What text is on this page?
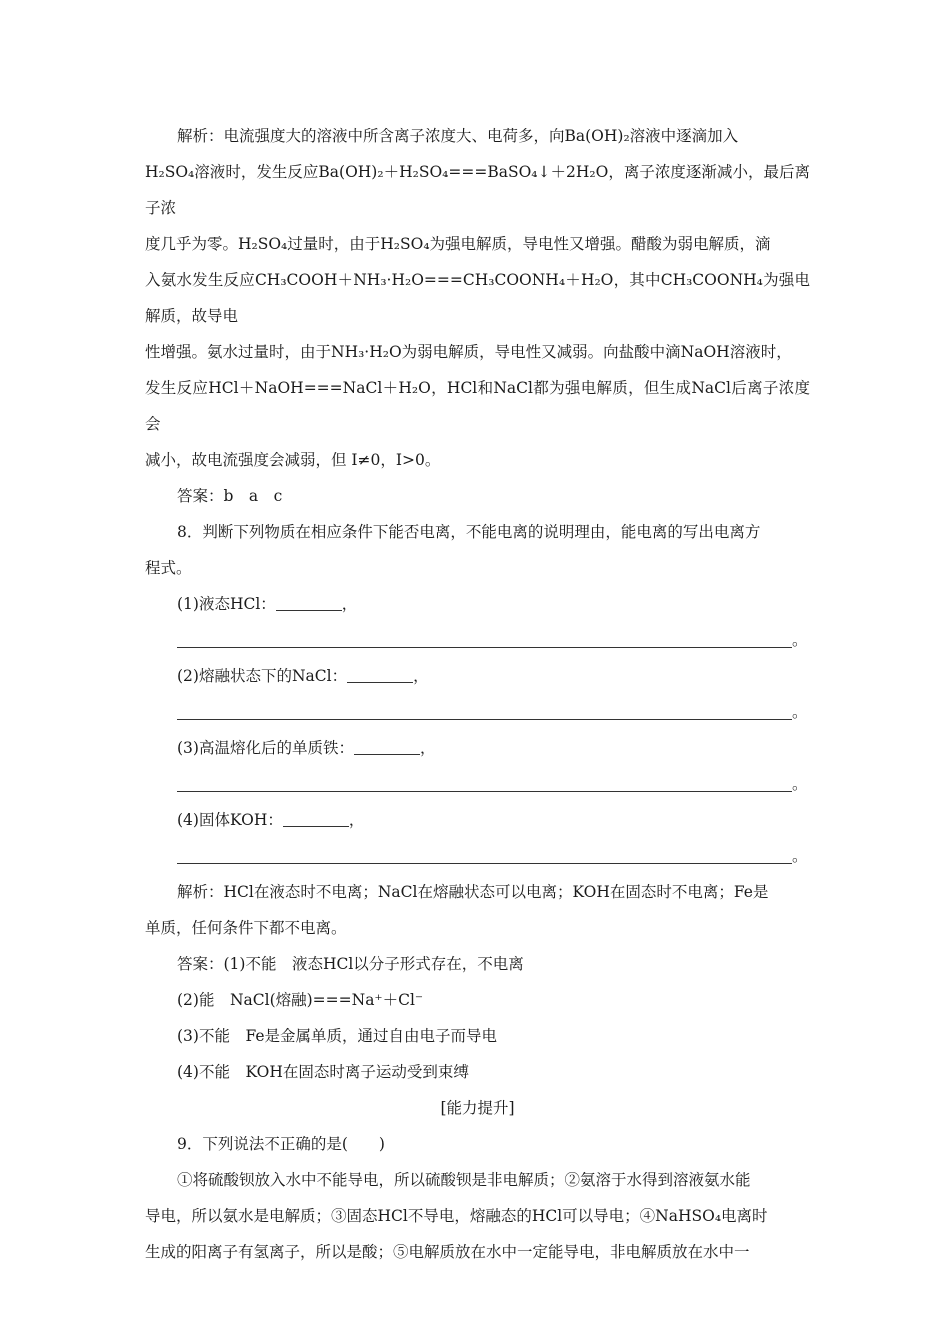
解析：电流强度大的溶液中所含离子浓度大、电荷多，向Ba(OH)₂溶液中逐滴加入

H₂SO₄溶液时，发生反应Ba(OH)₂＋H₂SO₄===BaSO₄↓＋2H₂O，离子浓度逐渐减小，最后离子浓

度几乎为零。H₂SO₄过量时，由于H₂SO₄为强电解质，导电性又增强。醋酸为弱电解质，滴

入氨水发生反应CH₃COOH＋NH₃·H₂O===CH₃COONH₄＋H₂O，其中CH₃COONH₄为强电解质，故导电

性增强。氨水过量时，由于NH₃·H₂O为弱电解质，导电性又减弱。向盐酸中滴NaOH溶液时，

发生反应HCl＋NaOH===NaCl＋H₂O，HCl和NaCl都为强电解质，但生成NaCl后离子浓度会

减小，故电流强度会减弱，但 I≠0，I>0。

答案：b　a　c

8．判断下列物质在相应条件下能否电离，不能电离的说明理由，能电离的写出电离方

程式。

(1)液态HCl：	，

。

(2)熔融状态下的NaCl：	，

。

(3)高温熔化后的单质铁：	，

。

(4)固体KOH：	，

。

解析：HCl在液态时不电离；NaCl在熔融状态可以电离；KOH在固态时不电离；Fe是

单质，任何条件下都不电离。

答案：(1)不能　液态HCl以分子形式存在，不电离

(2)能　NaCl(熔融)===Na⁺＋Cl⁻

(3)不能　Fe是金属单质，通过自由电子而导电

(4)不能　KOH在固态时离子运动受到束缚

[能力提升]

9．下列说法不正确的是(　　)

①将硫酸钡放入水中不能导电，所以硫酸钡是非电解质；②氨溶于水得到溶液氨水能

导电，所以氨水是电解质；③固态HCl不导电，熔融态的HCl可以导电；④NaHSO₄电离时

生成的阳离子有氢离子，所以是酸；⑤电解质放在水中一定能导电，非电解质放在水中一
